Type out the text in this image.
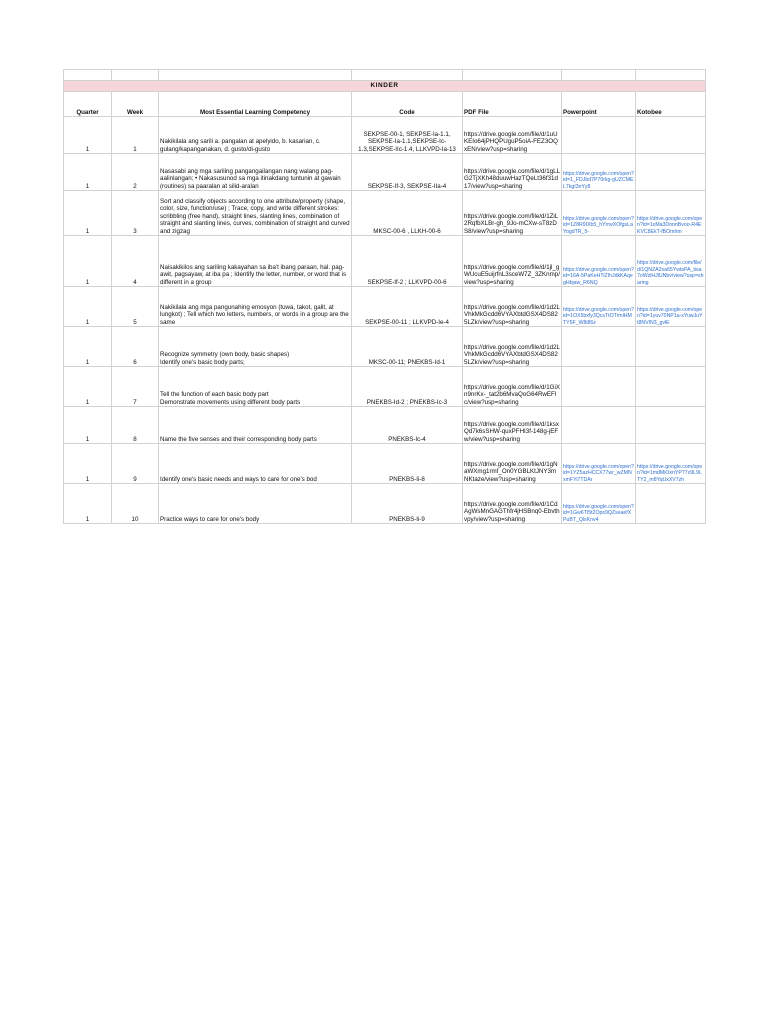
KINDER						
Quarter	Week	Most Essential Learning Competency	Code	PDF File	Powerpoint	Kotobee
1	1	Nakikilala ang sarili a. pangalan at apelyido, b. kasarian, c. gulang/kapanganakan, d. gusto/di-gusto	SEKPSE-00-1, SEKPSE-Ia-1.1, SEKPSE-Ia-1.1,SEKPSE-Ic-1.3,SEKPSE-IIc-1.4, LLKVPD-Ia-13	https://drive.google.com/file/d/1uUKEIo64jPHQPUguP5oiA-FEZ3OQxEN/view?usp=sharing		
1	2	Nasasabi ang mga sariling pangangailangan nang walang pag-aalinlangan; • Nakasusunod sa mga itinakdang tuntunin at gawain (routines) sa paaralan at silid-aralan	SEKPSE-If-3, SEKPSE-IIa-4	https://drive.google.com/file/d/1gLLG2TjXKh48duuwHazTQeLt36f31d17/view?usp=sharing	https://drive.google.com/open?id=1_FDJbd7P70rkg-gUZCMEL7kgI3nYy8	
1	3	Sort and classify objects according to one attribute/property (shape, color, size, function/use) ; Trace, copy, and write different strokes: scribbling (free hand), straight lines, slanting lines, combination of straight and slanting lines, curves, combination of straight and curved and zigzag	MKSC-00-6 , LLKH-00-6	https://drive.google.com/file/d/1ZiL2RqfbXLBr-gh_9Jo-mCXw-sT8zDS8/view?usp=sharing	https://drive.google.com/open?id=1Z8R9IXb5_hYrrwXOfgsLaYogdTR_5-	https://drive.google.com/open?id=1xMa3DonnBvoo-R4EKVC8EkT-fBOmhm
1	4	Naisakikilos ang sariling kakayahan sa iba't ibang paraan, hal. pag-awit, pagsayaw, at iba pa ; Identify the letter, number, or word that is different in a group	SEKPSE-If-2 ; LLKVPD-00-6	https://drive.google.com/file/d/1jl_gWUcuE5uijrfnL3sceW7Z_3ZKnmp/view?usp=sharing	https://drive.google.com/open?id=16A-5PaKeHTiZIhJdkKAqegHbjaw_R6NQ	https://drive.google.com/file/d/1QNZA2xa65YwtsPA_tisa7oWzlHJlUNbv/view?usp=sharing
1	5	Nakikilala ang mga pangunahing emosyon (tuwa, takot, galit, at lungkot) ; Tell which two letters, numbers, or words in a group are the same	SEKPSE-00-11 ; LLKVPD-Ie-4	https://drive.google.com/file/d/1d2LVhkMkGcdd6VYAXbtdGSX4DS825LZk/view?usp=sharing	https://drive.google.com/open?id=1OX5bxfy3QcsTtOTrmlHMTY5F_W8i86z	https://drive.google.com/open?id=1yuv70NP1a-sYuwJuYt8NVIN3_gvlE
1	6	Recognize symmetry (own body, basic shapes)
Identify one's basic body parts;	MKSC-00-11; PNEKBS-Id-1	https://drive.google.com/file/d/1d2LVhkMkGcdd6VYAXbtdGSX4DS825LZk/view?usp=sharing		
1	7	Tell the function of each basic body part
Demonstrate movements using different body parts	PNEKBS-Id-2 ; PNEKBS-Ic-3	https://drive.google.com/file/d/1GiXn9nrKx-_tat2b6MvaQoG64RwEFlc/view?usp=sharing		
1	8	Name the five senses and their corresponding body parts	PNEKBS-Ic-4	https://drive.google.com/file/d/1ksxQd7k6sSHW-quxPFHI3f-148g-jEFw/view?usp=sharing		
1	9	Identify one's basic needs and ways to care for one's bod	PNEKBS-Ii-8	https://drive.google.com/file/d/1gNaWXmg1rmf_On0YGBLKtJNY3mNKtaze/view?usp=sharing	https://drive.google.com/open?id=1YZ5azHCCX77wr_wZMNxmFYi7TDAr	https://drive.google.com/open?id=1mdMiOxnYP77x9L9LTY2_m8YqUxXV7zh
1	10	Practice ways to care for one's body	PNEKBS-Ii-9	https://drive.google.com/file/d/1CdAgWsMnGAGThfr4jHSBnq0-Ebvthvpy/view?usp=sharing	https://drive.google.com/open?id=1Gw6TI5t2Ops9QZseaefXPuBT_QlsKnv4	
